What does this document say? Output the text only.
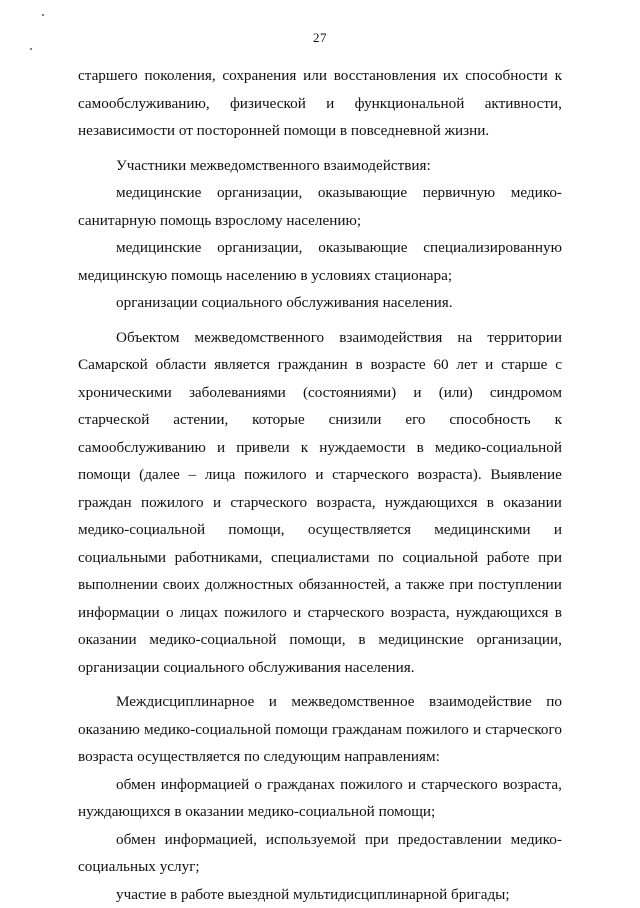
27
старшего поколения, сохранения или восстановления их способности к
самообслуживанию, физической и функциональной активности,
независимости от посторонней помощи в повседневной жизни.
Участники межведомственного взаимодействия:
медицинские организации, оказывающие первичную медико-
санитарную помощь взрослому населению;
медицинские организации, оказывающие специализированную
медицинскую помощь населению в условиях стационара;
организации социального обслуживания населения.
Объектом межведомственного взаимодействия на территории
Самарской области является гражданин в возрасте 60 лет и старше с
хроническими заболеваниями (состояниями) и (или) синдромом
старческой астении, которые снизили его способность к
самообслуживанию и привели к нуждаемости в медико-социальной
помощи (далее – лица пожилого и старческого возраста). Выявление
граждан пожилого и старческого возраста, нуждающихся в оказании
медико-социальной помощи, осуществляется медицинскими и
социальными работниками, специалистами по социальной работе при
выполнении своих должностных обязанностей, а также при поступлении
информации о лицах пожилого и старческого возраста, нуждающихся в
оказании медико-социальной помощи, в медицинские организации,
организации социального обслуживания населения.
Междисциплинарное и межведомственное взаимодействие по
оказанию медико-социальной помощи гражданам пожилого и старческого
возраста осуществляется по следующим направлениям:
обмен информацией о гражданах пожилого и старческого возраста,
нуждающихся в оказании медико-социальной помощи;
обмен информацией, используемой при предоставлении медико-
социальных услуг;
участие в работе выездной мультидисциплинарной бригады;
